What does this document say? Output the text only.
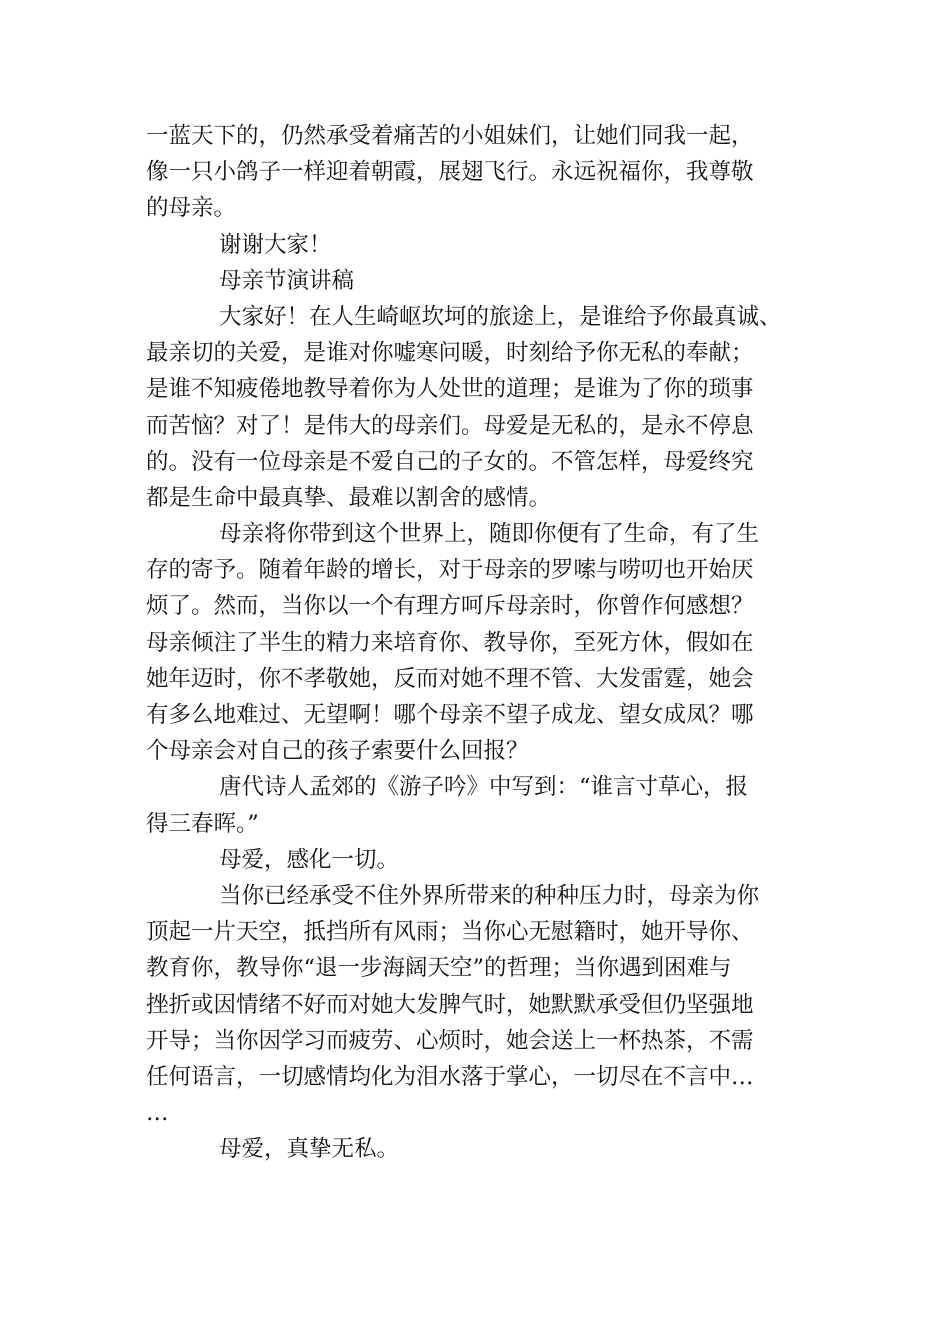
一蓝天下的，仍然承受着痛苦的小姐妹们，让她们同我一起，
像一只小鸽子一样迎着朝霞，展翅飞行。永远祝福你，我尊敬
的母亲。
谢谢大家！
母亲节演讲稿
大家好！在人生崎岖坎坷的旅途上，是谁给予你最真诚、
最亲切的关爱，是谁对你嘘寒问暖，时刻给予你无私的奉献；
是谁不知疲倦地教导着你为人处世的道理；是谁为了你的琐事
而苦恼？对了！是伟大的母亲们。母爱是无私的，是永不停息
的。没有一位母亲是不爱自己的子女的。不管怎样，母爱终究
都是生命中最真挚、最难以割舍的感情。
母亲将你带到这个世界上，随即你便有了生命，有了生
存的寄予。随着年龄的增长，对于母亲的罗嗦与唠叨也开始厌
烦了。然而，当你以一个有理方呵斥母亲时，你曾作何感想？
母亲倾注了半生的精力来培育你、教导你，至死方休，假如在
她年迈时，你不孝敬她，反而对她不理不管、大发雷霆，她会
有多么地难过、无望啊！哪个母亲不望子成龙、望女成凤？哪
个母亲会对自己的孩子索要什么回报？
唐代诗人孟郊的《游子吟》中写到：“谁言寸草心，报
得三春晖。”
母爱，感化一切。
当你已经承受不住外界所带来的种种压力时，母亲为你
顶起一片天空，抵挡所有风雨；当你心无慰籍时，她开导你、
教育你，教导你“退一步海阔天空”的哲理；当你遇到困难与
挫折或因情绪不好而对她大发脾气时，她默默承受但仍坚强地
开导；当你因学习而疲劳、心烦时，她会送上一杯热茶，不需
任何语言，一切感情均化为泪水落于掌心，一切尽在不言中…
…
母爱，真挚无私。
